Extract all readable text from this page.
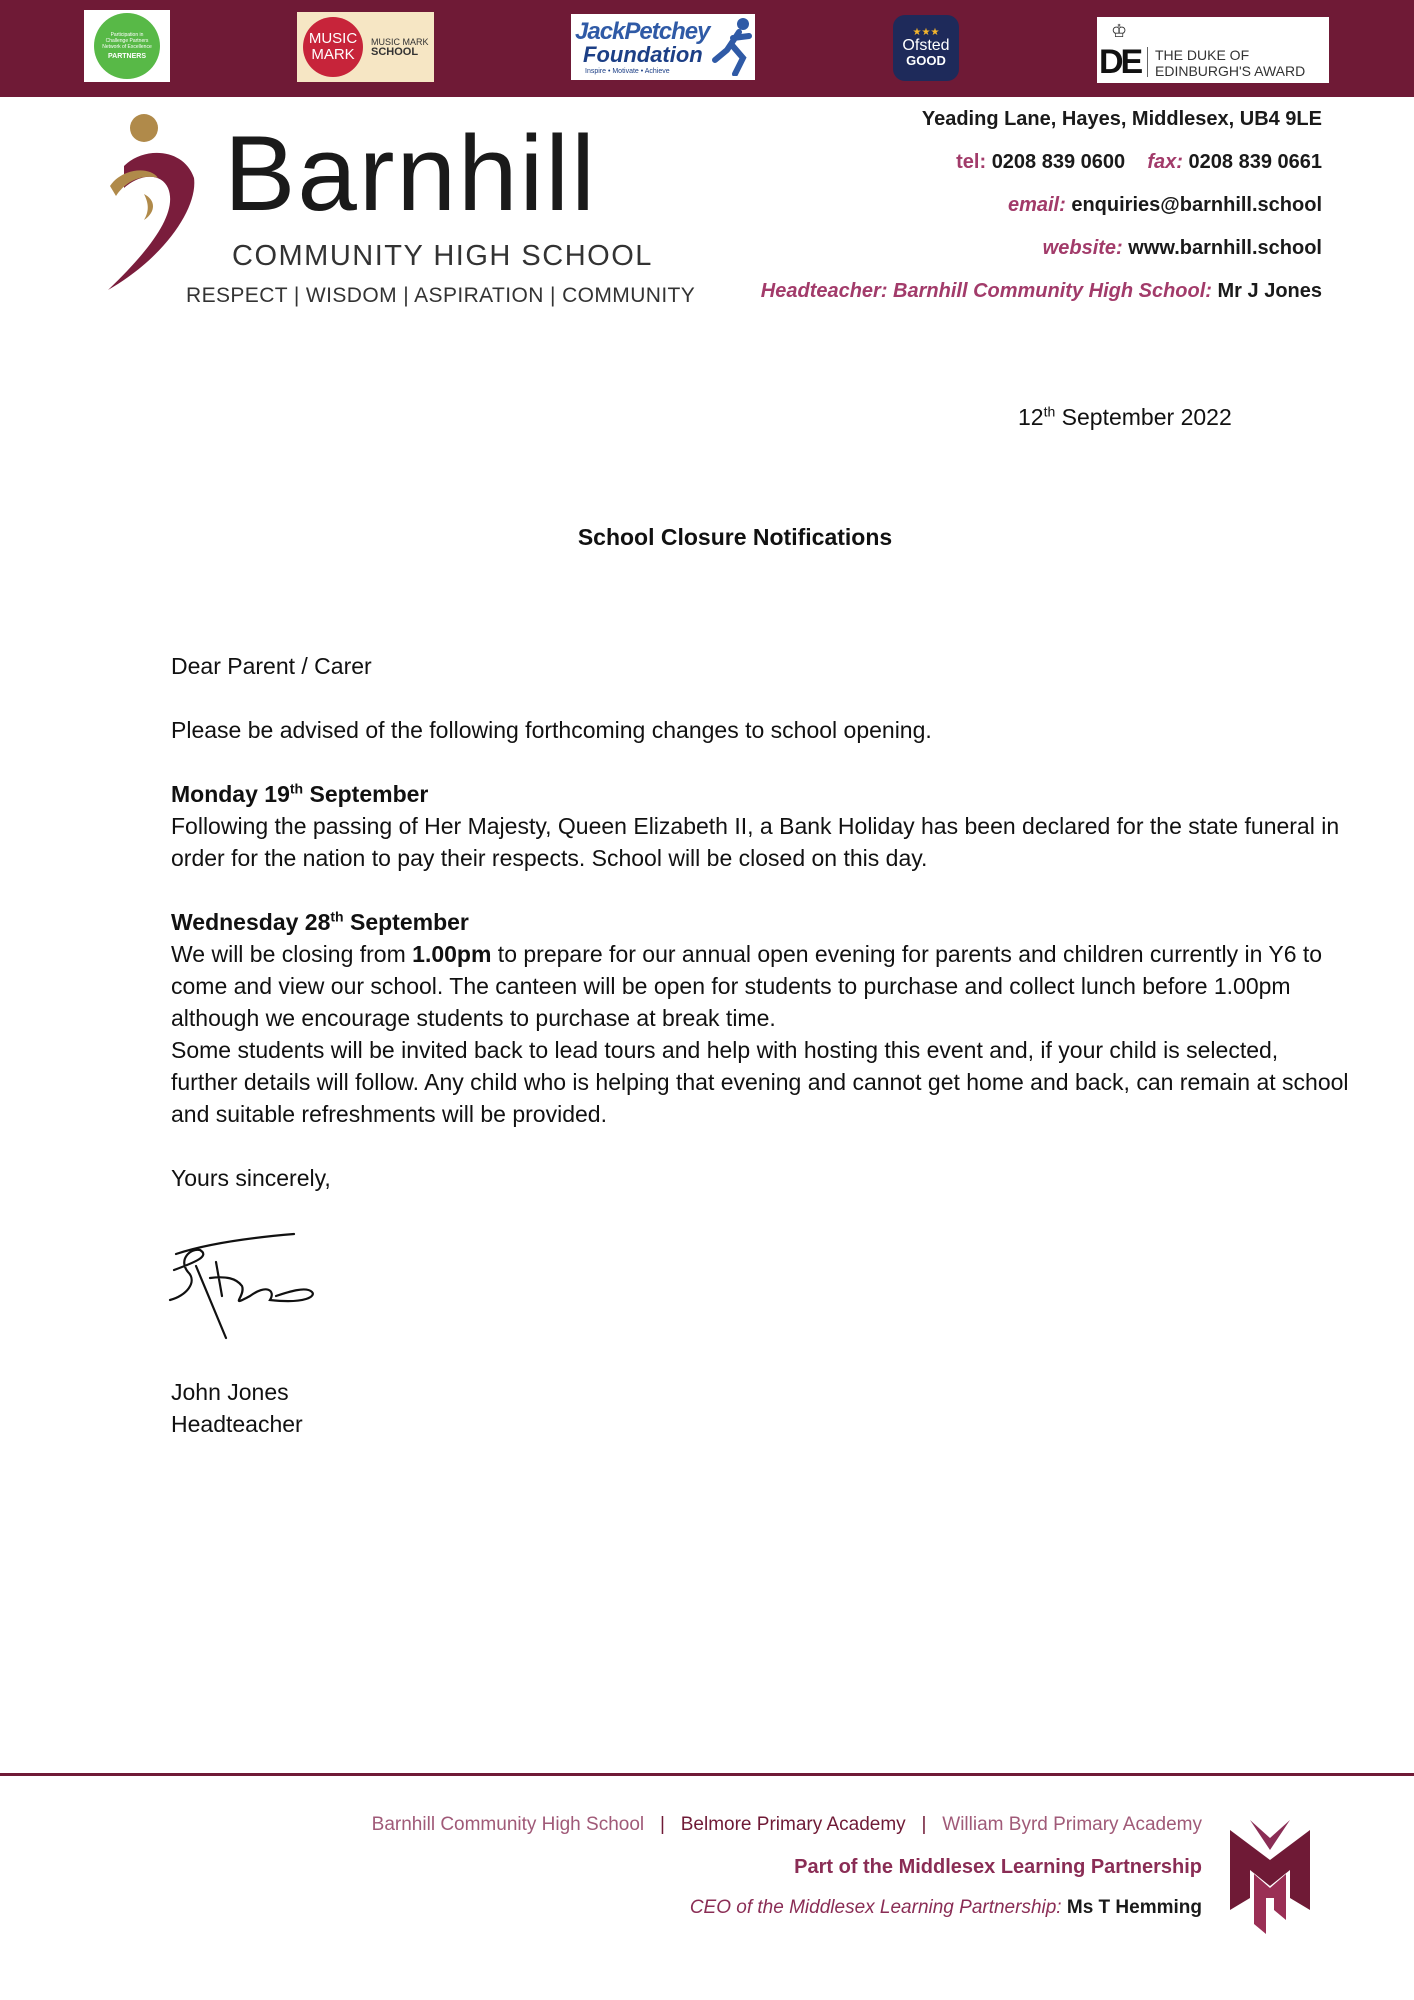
Participation in Challenge Partners Network of Excellence
PARTNERS
MUSIC
MARK
MUSIC MARK
SCHOOL
JackPetchey
Foundation
Inspire • Motivate • Achieve
★★★
Ofsted
GOOD
♔
DE THE DUKE OF
EDINBURGH'S AWARD
Barnhill
COMMUNITY HIGH SCHOOL
RESPECT | WISDOM | ASPIRATION | COMMUNITY
Yeading Lane, Hayes, Middlesex, UB4 9LE
tel: 0208 839 0600 fax: 0208 839 0661
email: enquiries@barnhill.school
website: www.barnhill.school
Headteacher: Barnhill Community High School: Mr J Jones
12th September 2022
School Closure Notifications
Dear Parent / Carer
Please be advised of the following forthcoming changes to school opening.

Monday 19th September

Following the passing of Her Majesty, Queen Elizabeth II, a Bank Holiday has been declared for the state funeral in order for the nation to pay their respects. School will be closed on this day.

Wednesday 28th September

We will be closing from 1.00pm to prepare for our annual open evening for parents and children currently in Y6 to come and view our school. The canteen will be open for students to purchase and collect lunch before 1.00pm although we encourage students to purchase at break time.

Some students will be invited back to lead tours and help with hosting this event and, if your child is selected, further details will follow. Any child who is helping that evening and cannot get home and back, can remain at school and suitable refreshments will be provided.

Yours sincerely,

John Jones

Headteacher

Barnhill Community High School | Belmore Primary Academy | William Byrd Primary Academy
Part of the Middlesex Learning Partnership
CEO of the Middlesex Learning Partnership: Ms T Hemming
